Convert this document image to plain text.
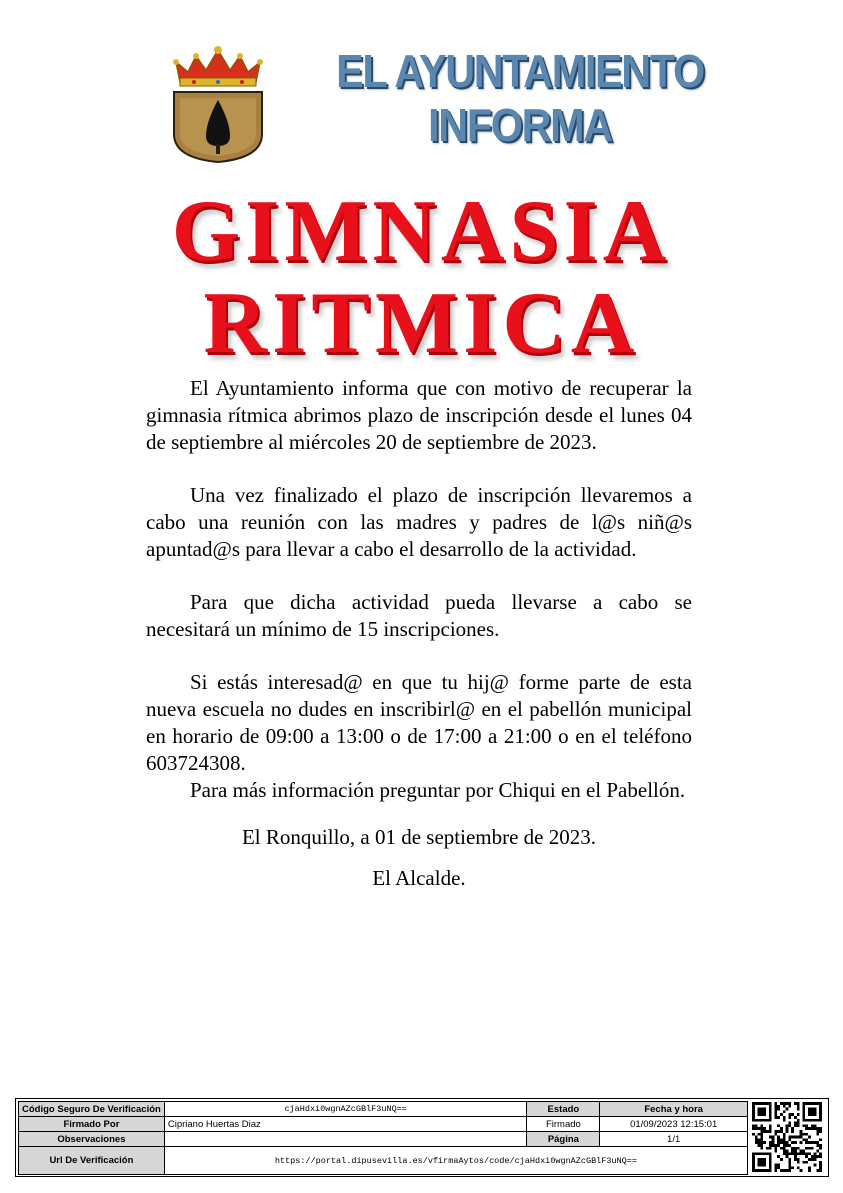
EL AYUNTAMIENTO
INFORMA
GIMNASIA
RITMICA

El Ayuntamiento informa que con motivo de recuperar la gimnasia rítmica abrimos plazo de inscripción desde el lunes 04 de septiembre al miércoles 20 de septiembre de 2023.

Una vez finalizado el plazo de inscripción llevaremos a cabo una reunión con las madres y padres de l@s niñ@s apuntad@s para llevar a cabo el desarrollo de la actividad.

Para que dicha actividad pueda llevarse a cabo se necesitará un mínimo de 15 inscripciones.

Si estás interesad@ en que tu hij@ forme parte de esta nueva escuela no dudes en inscribirl@ en el pabellón municipal en horario de 09:00 a 13:00 o de 17:00 a 21:00 o en el teléfono 603724308.

Para más información preguntar por Chiqui en el Pabellón.

El Ronquillo, a 01 de septiembre de 2023.

El Alcalde.

Código Seguro De Verificación	cjaHdxi0wgnAZcGBlF3uNQ==	Estado	Fecha y hora
Firmado Por	Cipriano Huertas Diaz	Firmado	01/09/2023 12:15:01
Observaciones		Página	1/1
Url De Verificación	https://portal.dipusevilla.es/vfirmaAytos/code/cjaHdxi0wgnAZcGBlF3uNQ==		
